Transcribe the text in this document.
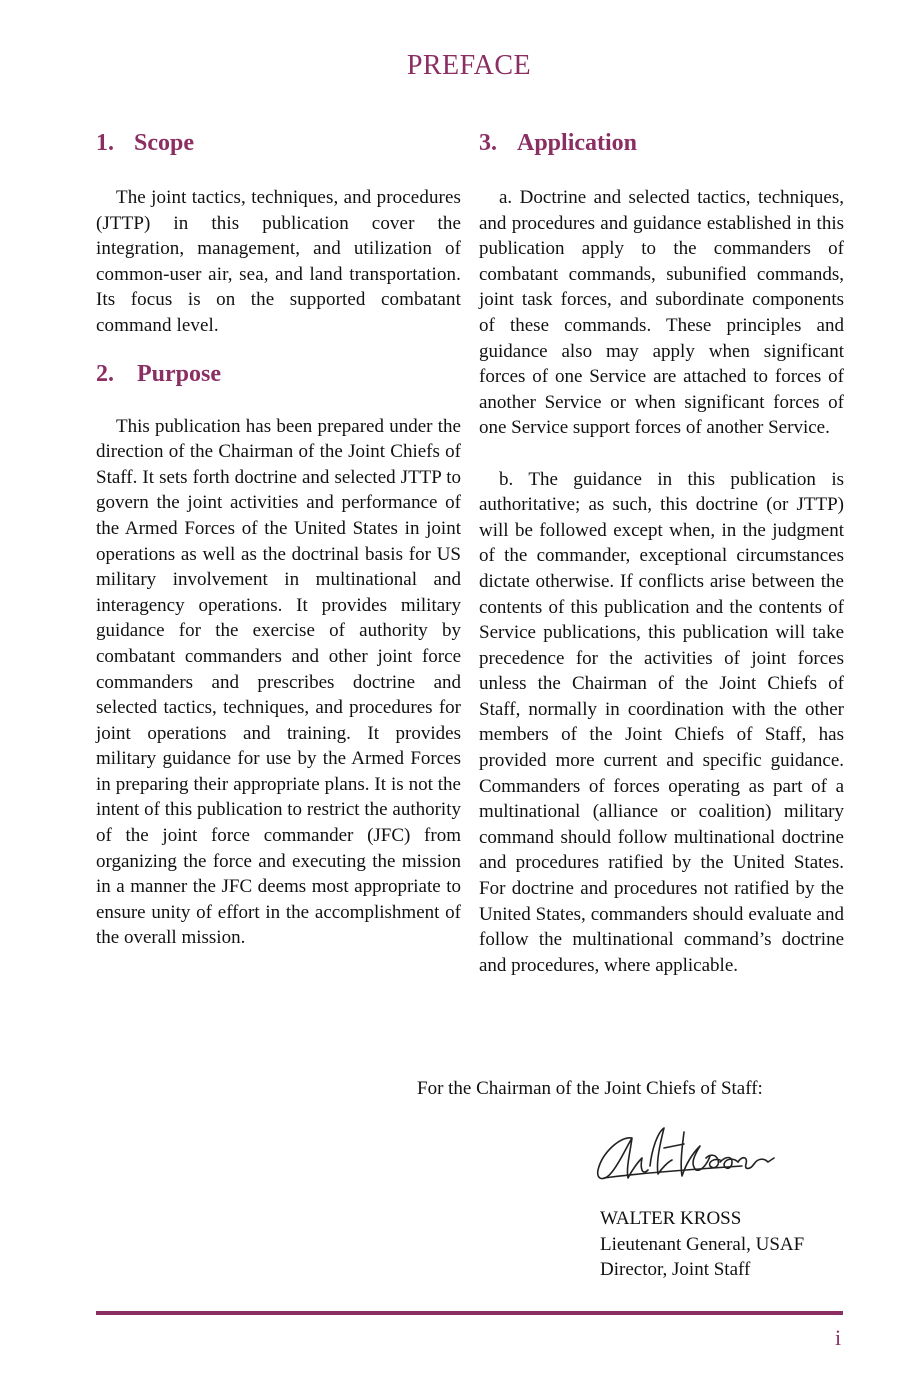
PREFACE
1. Scope

The joint tactics, techniques, and procedures (JTTP) in this publication cover the integration, management, and utilization of common-user air, sea, and land transportation. Its focus is on the supported combatant command level.

2. Purpose

This publication has been prepared under the direction of the Chairman of the Joint Chiefs of Staff. It sets forth doctrine and selected JTTP to govern the joint activities and performance of the Armed Forces of the United States in joint operations as well as the doctrinal basis for US military involvement in multinational and interagency operations. It provides military guidance for the exercise of authority by combatant commanders and other joint force commanders and prescribes doctrine and selected tactics, techniques, and procedures for joint operations and training. It provides military guidance for use by the Armed Forces in preparing their appropriate plans. It is not the intent of this publication to restrict the authority of the joint force commander (JFC) from organizing the force and executing the mission in a manner the JFC deems most appropriate to ensure unity of effort in the accomplishment of the overall mission.

3. Application

a. Doctrine and selected tactics, techniques, and procedures and guidance established in this publication apply to the commanders of combatant commands, subunified commands, joint task forces, and subordinate components of these commands. These principles and guidance also may apply when significant forces of one Service are attached to forces of another Service or when significant forces of one Service support forces of another Service.

b. The guidance in this publication is authoritative; as such, this doctrine (or JTTP) will be followed except when, in the judgment of the commander, exceptional circumstances dictate otherwise. If conflicts arise between the contents of this publication and the contents of Service publications, this publication will take precedence for the activities of joint forces unless the Chairman of the Joint Chiefs of Staff, normally in coordination with the other members of the Joint Chiefs of Staff, has provided more current and specific guidance. Commanders of forces operating as part of a multinational (alliance or coalition) military command should follow multinational doctrine and procedures ratified by the United States. For doctrine and procedures not ratified by the United States, commanders should evaluate and follow the multinational command’s doctrine and procedures, where applicable.

For the Chairman of the Joint Chiefs of Staff:
WALTER KROSS
Lieutenant General, USAF
Director, Joint Staff
i
